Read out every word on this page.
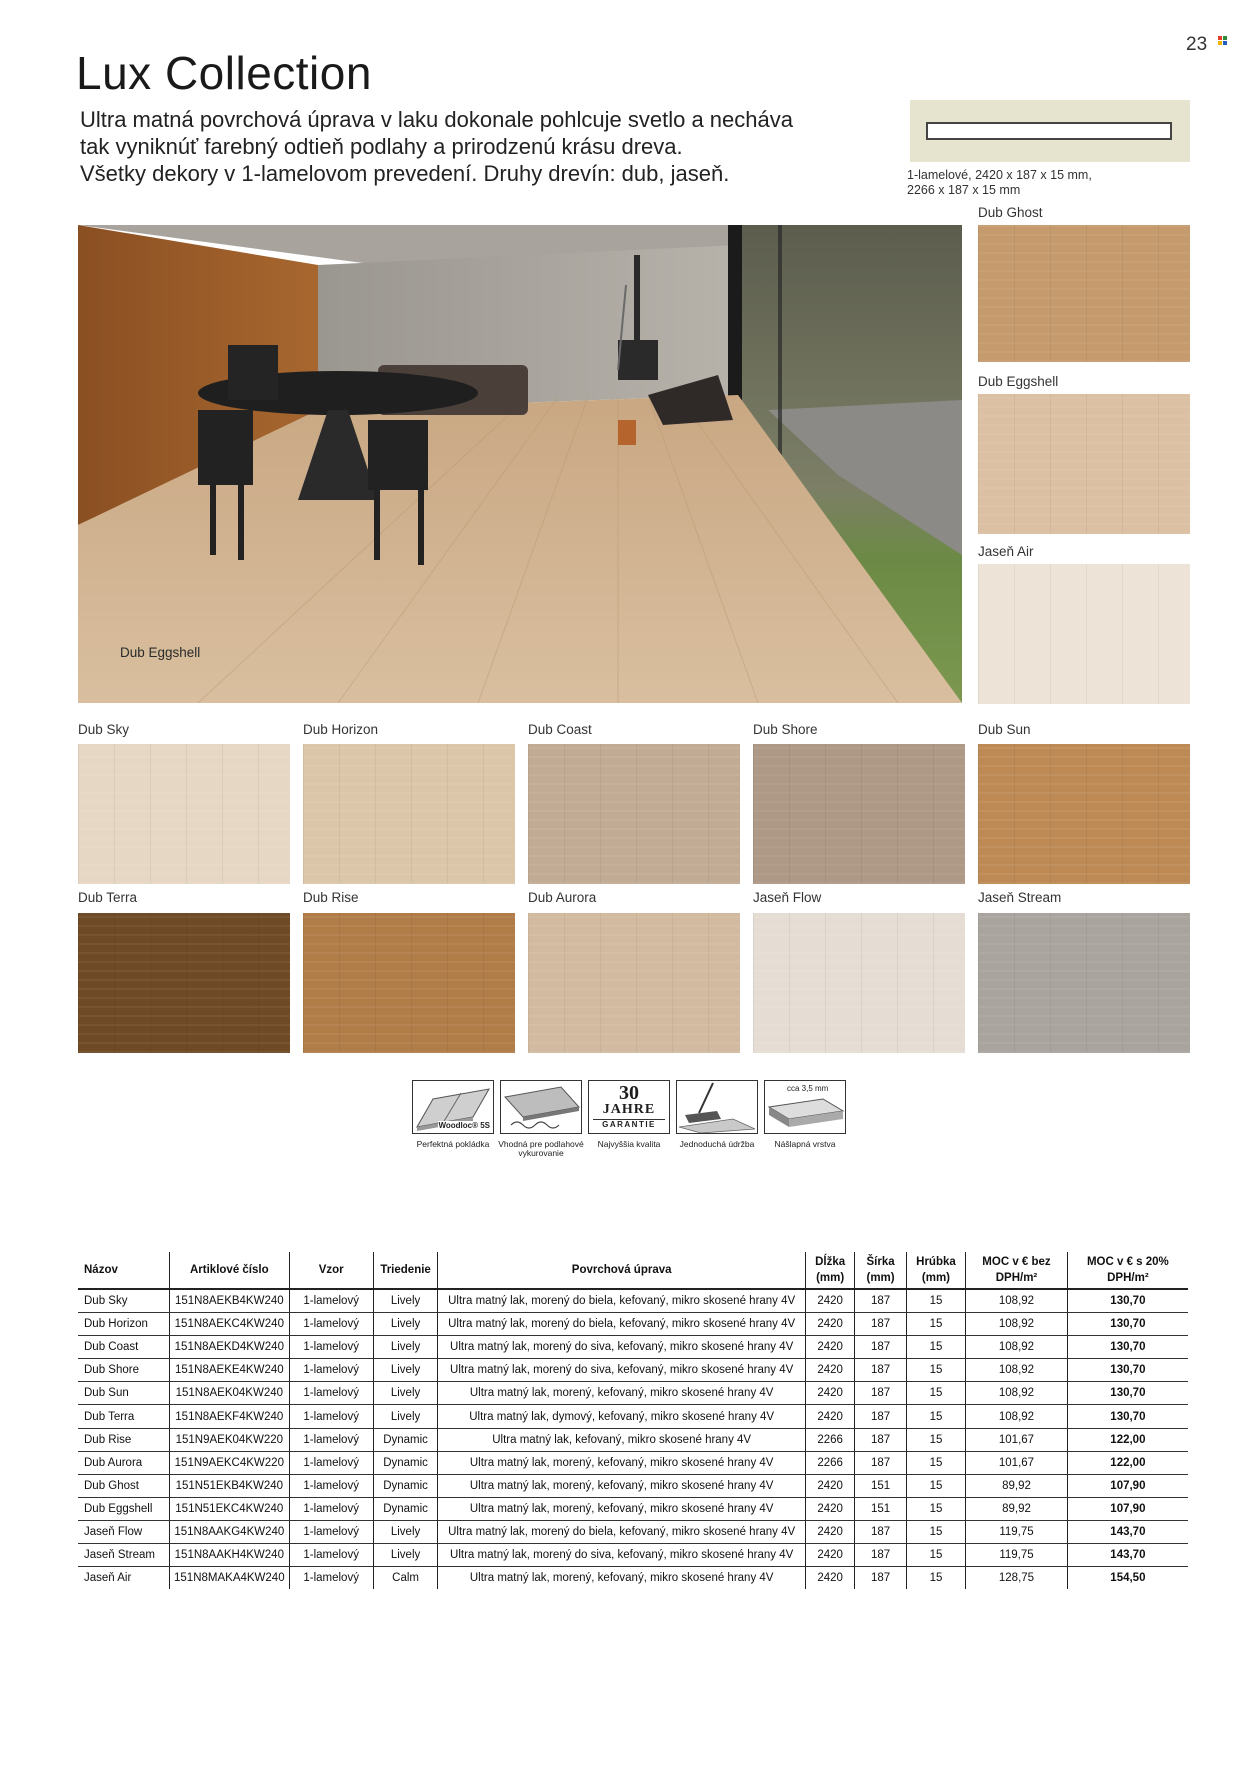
23
Lux Collection
Ultra matná povrchová úprava v laku dokonale pohlcuje svetlo a necháva
tak vyniknúť farebný odtieň podlahy a prirodzenú krásu dreva.
Všetky dekory v 1-lamelovom prevedení. Druhy drevín: dub, jaseň.	1-lamelové, 2420 x 187 x 15 mm,
2266 x 187 x 15 mm
Dub Eggshell
Dub Ghost
Dub Eggshell
Jaseň Air
Dub Sky	Dub Horizon	Dub Coast	Dub Shore	Dub Sun
Dub Terra	Dub Rise	Dub Aurora	Jaseň Flow	Jaseň Stream
Woodloc® 5S
Perfektná pokládka	Vhodná pre podlahové vykurovanie
30
JAHRE
GARANTIE
Najvyššia kvalita	Jednoduchá údržba
cca 3,5 mm
Nášlapná vrstva
Názov	Artiklové číslo	Vzor	Triedenie	Povrchová úprava	Dĺžka (mm)	Šírka (mm)	Hrúbka (mm)	MOC v € bez DPH/m²	MOC v € s 20% DPH/m²
Dub Sky	151N8AEKB4KW240	1-lamelový	Lively	Ultra matný lak, morený do biela, kefovaný, mikro skosené hrany 4V	2420	187	15	108,92	130,70
Dub Horizon	151N8AEKC4KW240	1-lamelový	Lively	Ultra matný lak, morený do biela, kefovaný, mikro skosené hrany 4V	2420	187	15	108,92	130,70
Dub Coast	151N8AEKD4KW240	1-lamelový	Lively	Ultra matný lak, morený do siva, kefovaný, mikro skosené hrany 4V	2420	187	15	108,92	130,70
Dub Shore	151N8AEKE4KW240	1-lamelový	Lively	Ultra matný lak, morený do siva, kefovaný, mikro skosené hrany 4V	2420	187	15	108,92	130,70
Dub Sun	151N8AEK04KW240	1-lamelový	Lively	Ultra matný lak, morený, kefovaný, mikro skosené hrany 4V	2420	187	15	108,92	130,70
Dub Terra	151N8AEKF4KW240	1-lamelový	Lively	Ultra matný lak, dymový, kefovaný, mikro skosené hrany 4V	2420	187	15	108,92	130,70
Dub Rise	151N9AEK04KW220	1-lamelový	Dynamic	Ultra matný lak, kefovaný, mikro skosené hrany 4V	2266	187	15	101,67	122,00
Dub Aurora	151N9AEKC4KW220	1-lamelový	Dynamic	Ultra matný lak, morený, kefovaný, mikro skosené hrany 4V	2266	187	15	101,67	122,00
Dub Ghost	151N51EKB4KW240	1-lamelový	Dynamic	Ultra matný lak, morený, kefovaný, mikro skosené hrany 4V	2420	151	15	89,92	107,90
Dub Eggshell	151N51EKC4KW240	1-lamelový	Dynamic	Ultra matný lak, morený, kefovaný, mikro skosené hrany 4V	2420	151	15	89,92	107,90
Jaseň Flow	151N8AAKG4KW240	1-lamelový	Lively	Ultra matný lak, morený do biela, kefovaný, mikro skosené hrany 4V	2420	187	15	119,75	143,70
Jaseň Stream	151N8AAKH4KW240	1-lamelový	Lively	Ultra matný lak, morený do siva, kefovaný, mikro skosené hrany 4V	2420	187	15	119,75	143,70
Jaseň Air	151N8MAKA4KW240	1-lamelový	Calm	Ultra matný lak, morený, kefovaný, mikro skosené hrany 4V	2420	187	15	128,75	154,50
